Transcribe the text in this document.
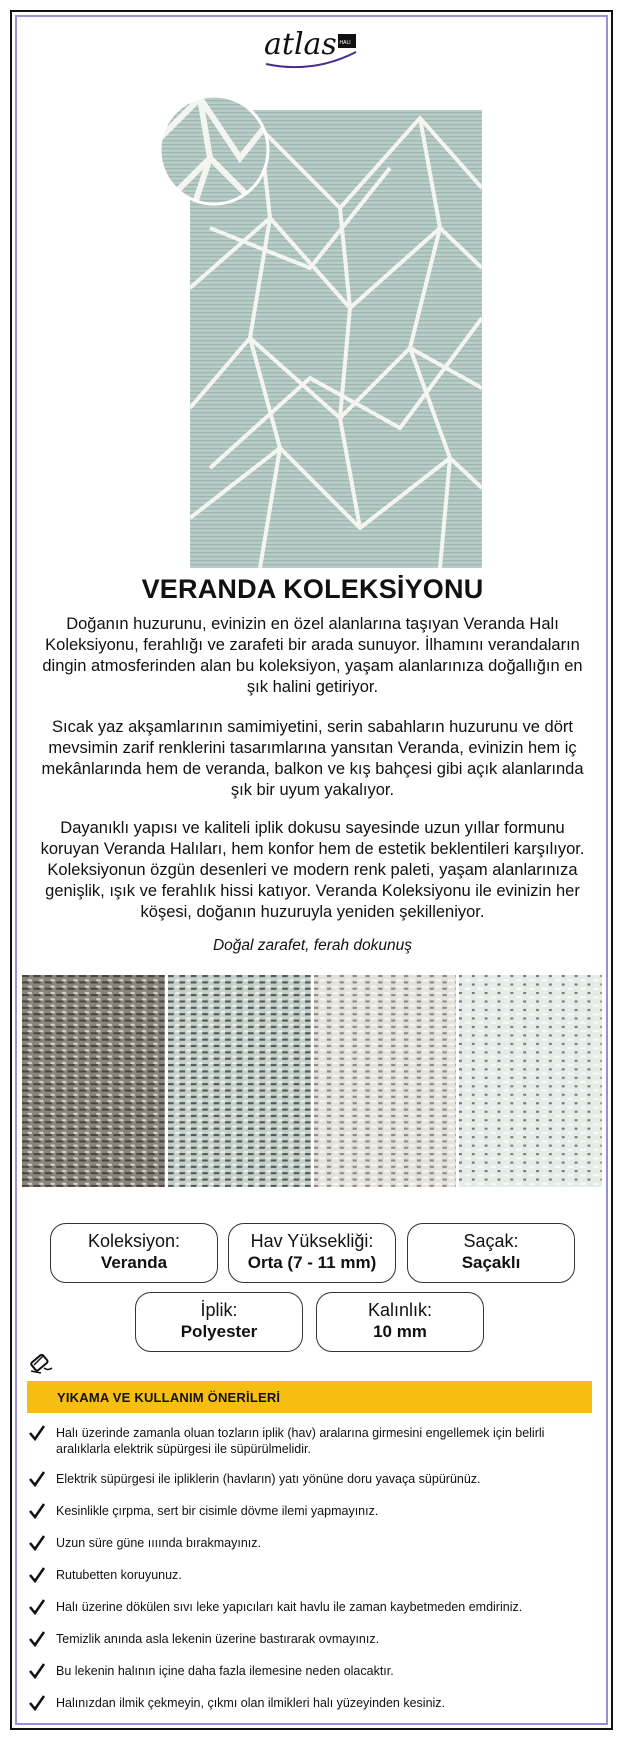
atlas HALI
VERANDA KOLEKSİYONU

Doğanın huzurunu, evinizin en özel alanlarına taşıyan Veranda Halı Koleksiyonu, ferahlığı ve zarafeti bir arada sunuyor. İlhamını verandaların dingin atmosferinden alan bu koleksiyon, yaşam alanlarınıza doğallığın en şık halini getiriyor.

Sıcak yaz akşamlarının samimiyetini, serin sabahların huzurunu ve dört mevsimin zarif renklerini tasarımlarına yansıtan Veranda, evinizin hem iç mekânlarında hem de veranda, balkon ve kış bahçesi gibi açık alanlarında şık bir uyum yakalıyor.

Dayanıklı yapısı ve kaliteli iplik dokusu sayesinde uzun yıllar formunu koruyan Veranda Halıları, hem konfor hem de estetik beklentileri karşılıyor. Koleksiyonun özgün desenleri ve modern renk paleti, yaşam alanlarınıza genişlik, ışık ve ferahlık hissi katıyor. Veranda Koleksiyonu ile evinizin her köşesi, doğanın huzuruyla yeniden şekilleniyor.

Doğal zarafet, ferah dokunuş

Koleksiyon:
Veranda
Hav Yüksekliği:
Orta (7 - 11 mm)
Saçak:
Saçaklı
İplik:
Polyester
Kalınlık:
10 mm
YIKAMA VE KULLANIM ÖNERİLERİ
Halı üzerinde zamanla oluan tozların iplik (hav) aralarına girmesini engellemek için belirli aralıklarla elektrik süpürgesi ile süpürülmelidir.
Elektrik süpürgesi ile ipliklerin (havların) yatı yönüne doru yavaça süpürünüz.
Kesinlikle çırpma, sert bir cisimle dövme ilemi yapmayınız.
Uzun süre güne ıııında bırakmayınız.
Rutubetten koruyunuz.
Halı üzerine dökülen sıvı leke yapıcıları kait havlu ile zaman kaybetmeden emdiriniz.
Temizlik anında asla lekenin üzerine bastırarak ovmayınız.
Bu lekenin halının içine daha fazla ilemesine neden olacaktır.
Halınızdan ilmik çekmeyin, çıkmı olan ilmikleri halı yüzeyinden kesiniz.
